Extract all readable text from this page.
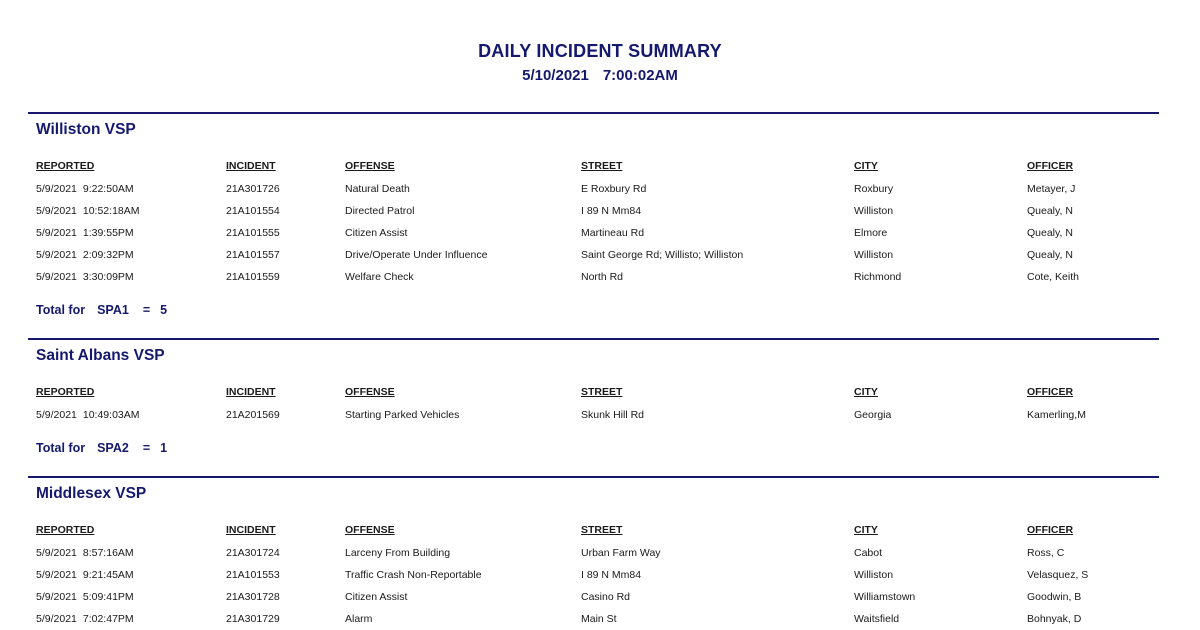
DAILY INCIDENT SUMMARY
5/10/2021 7:00:02AM
Williston VSP
REPORTED	INCIDENT	OFFENSE	STREET	CITY	OFFICER
5/9/2021 9:22:50AM	21A301726	Natural Death	E Roxbury Rd	Roxbury	Metayer, J
5/9/2021 10:52:18AM	21A101554	Directed Patrol	I 89 N Mm84	Williston	Quealy, N
5/9/2021 1:39:55PM	21A101555	Citizen Assist	Martineau Rd	Elmore	Quealy, N
5/9/2021 2:09:32PM	21A101557	Drive/Operate Under Influence	Saint George Rd; Willisto; Williston	Williston	Quealy, N
5/9/2021 3:30:09PM	21A101559	Welfare Check	North Rd	Richmond	Cote, Keith
Total for SPA1 = 5
Saint Albans VSP
REPORTED	INCIDENT	OFFENSE	STREET	CITY	OFFICER
5/9/2021 10:49:03AM	21A201569	Starting Parked Vehicles	Skunk Hill Rd	Georgia	Kamerling,M
Total for SPA2 = 1
Middlesex VSP
REPORTED	INCIDENT	OFFENSE	STREET	CITY	OFFICER
5/9/2021 8:57:16AM	21A301724	Larceny From Building	Urban Farm Way	Cabot	Ross, C
5/9/2021 9:21:45AM	21A101553	Traffic Crash Non-Reportable	I 89 N Mm84	Williston	Velasquez, S
5/9/2021 5:09:41PM	21A301728	Citizen Assist	Casino Rd	Williamstown	Goodwin, B
5/9/2021 7:02:47PM	21A301729	Alarm	Main St	Waitsfield	Bohnyak, D
